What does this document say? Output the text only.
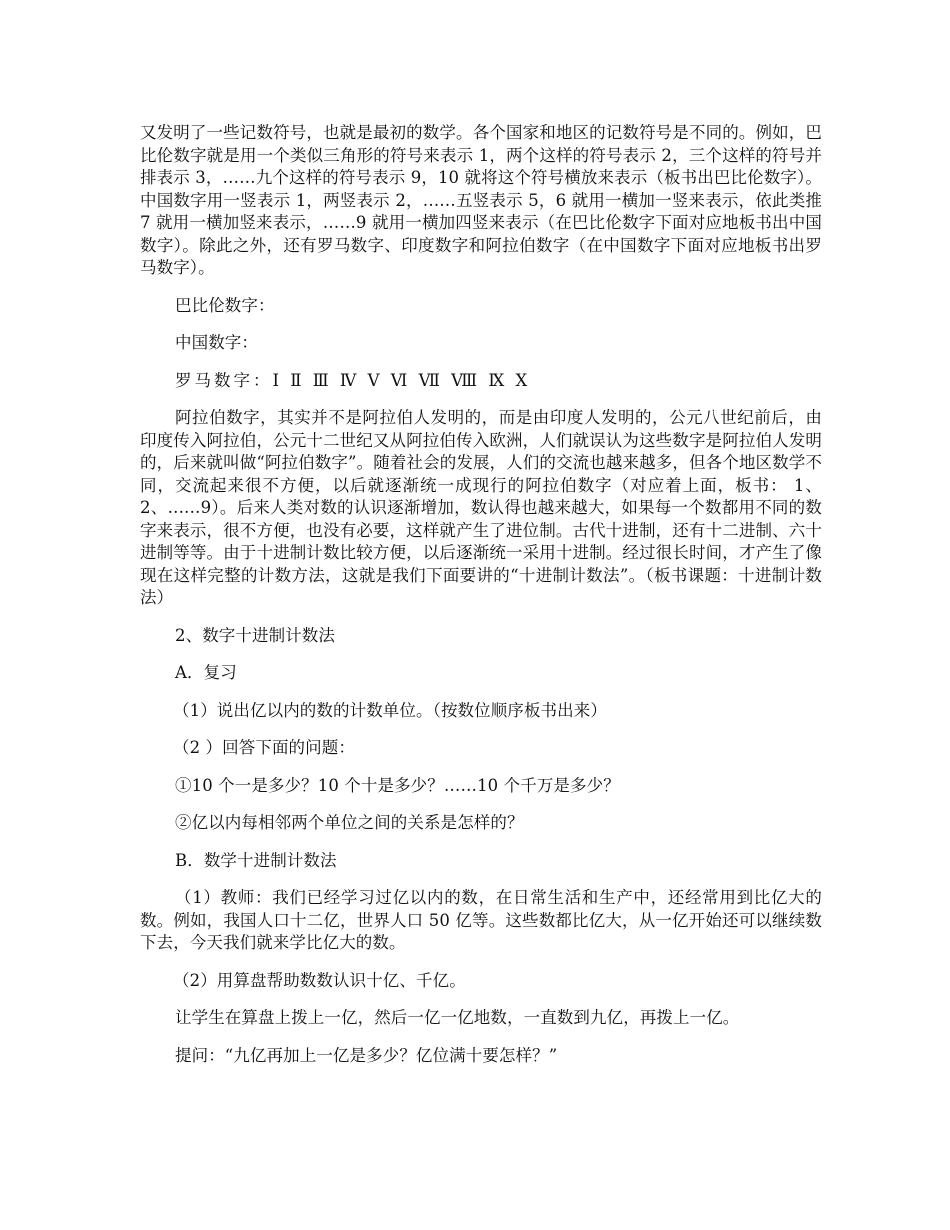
又发明了一些记数符号，也就是最初的数学。各个国家和地区的记数符号是不同的。例如，巴比伦数字就是用一个类似三角形的符号来表示 1，两个这样的符号表示 2，三个这样的符号并排表示 3，……九个这样的符号表示 9，10 就将这个符号横放来表示（板书出巴比伦数字）。中国数字用一竖表示 1，两竖表示 2，……五竖表示 5，6 就用一横加一竖来表示，依此类推 7 就用一横加竖来表示，……9 就用一横加四竖来表示（在巴比伦数字下面对应地板书出中国数字）。除此之外，还有罗马数字、印度数字和阿拉伯数字（在中国数字下面对应地板书出罗马数字）。

巴比伦数字：

中国数字：

罗马数字：Ⅰ Ⅱ Ⅲ Ⅳ Ⅴ Ⅵ Ⅶ Ⅷ Ⅸ Ⅹ

阿拉伯数字，其实并不是阿拉伯人发明的，而是由印度人发明的，公元八世纪前后，由印度传入阿拉伯，公元十二世纪又从阿拉伯传入欧洲，人们就误认为这些数字是阿拉伯人发明的，后来就叫做“阿拉伯数字”。随着社会的发展，人们的交流也越来越多，但各个地区数学不同，交流起来很不方便，以后就逐渐统一成现行的阿拉伯数字（对应着上面，板书： 1、2、……9）。后来人类对数的认识逐渐增加，数认得也越来越大，如果每一个数都用不同的数字来表示，很不方便，也没有必要，这样就产生了进位制。古代十进制，还有十二进制、六十进制等等。由于十进制计数比较方便，以后逐渐统一采用十进制。经过很长时间，才产生了像现在这样完整的计数方法，这就是我们下面要讲的“十进制计数法”。（板书课题：十进制计数法）

2、数字十进制计数法

A．复习

（1）说出亿以内的数的计数单位。（按数位顺序板书出来）

（2 ）回答下面的问题：

①10 个一是多少？10 个十是多少？……10 个千万是多少？

②亿以内每相邻两个单位之间的关系是怎样的？

B．数学十进制计数法

（1）教师：我们已经学习过亿以内的数，在日常生活和生产中，还经常用到比亿大的数。例如，我国人口十二亿，世界人口 50 亿等。这些数都比亿大，从一亿开始还可以继续数下去，今天我们就来学比亿大的数。

（2）用算盘帮助数数认识十亿、千亿。

让学生在算盘上拨上一亿，然后一亿一亿地数，一直数到九亿，再拨上一亿。

提问：“九亿再加上一亿是多少？亿位满十要怎样？”
